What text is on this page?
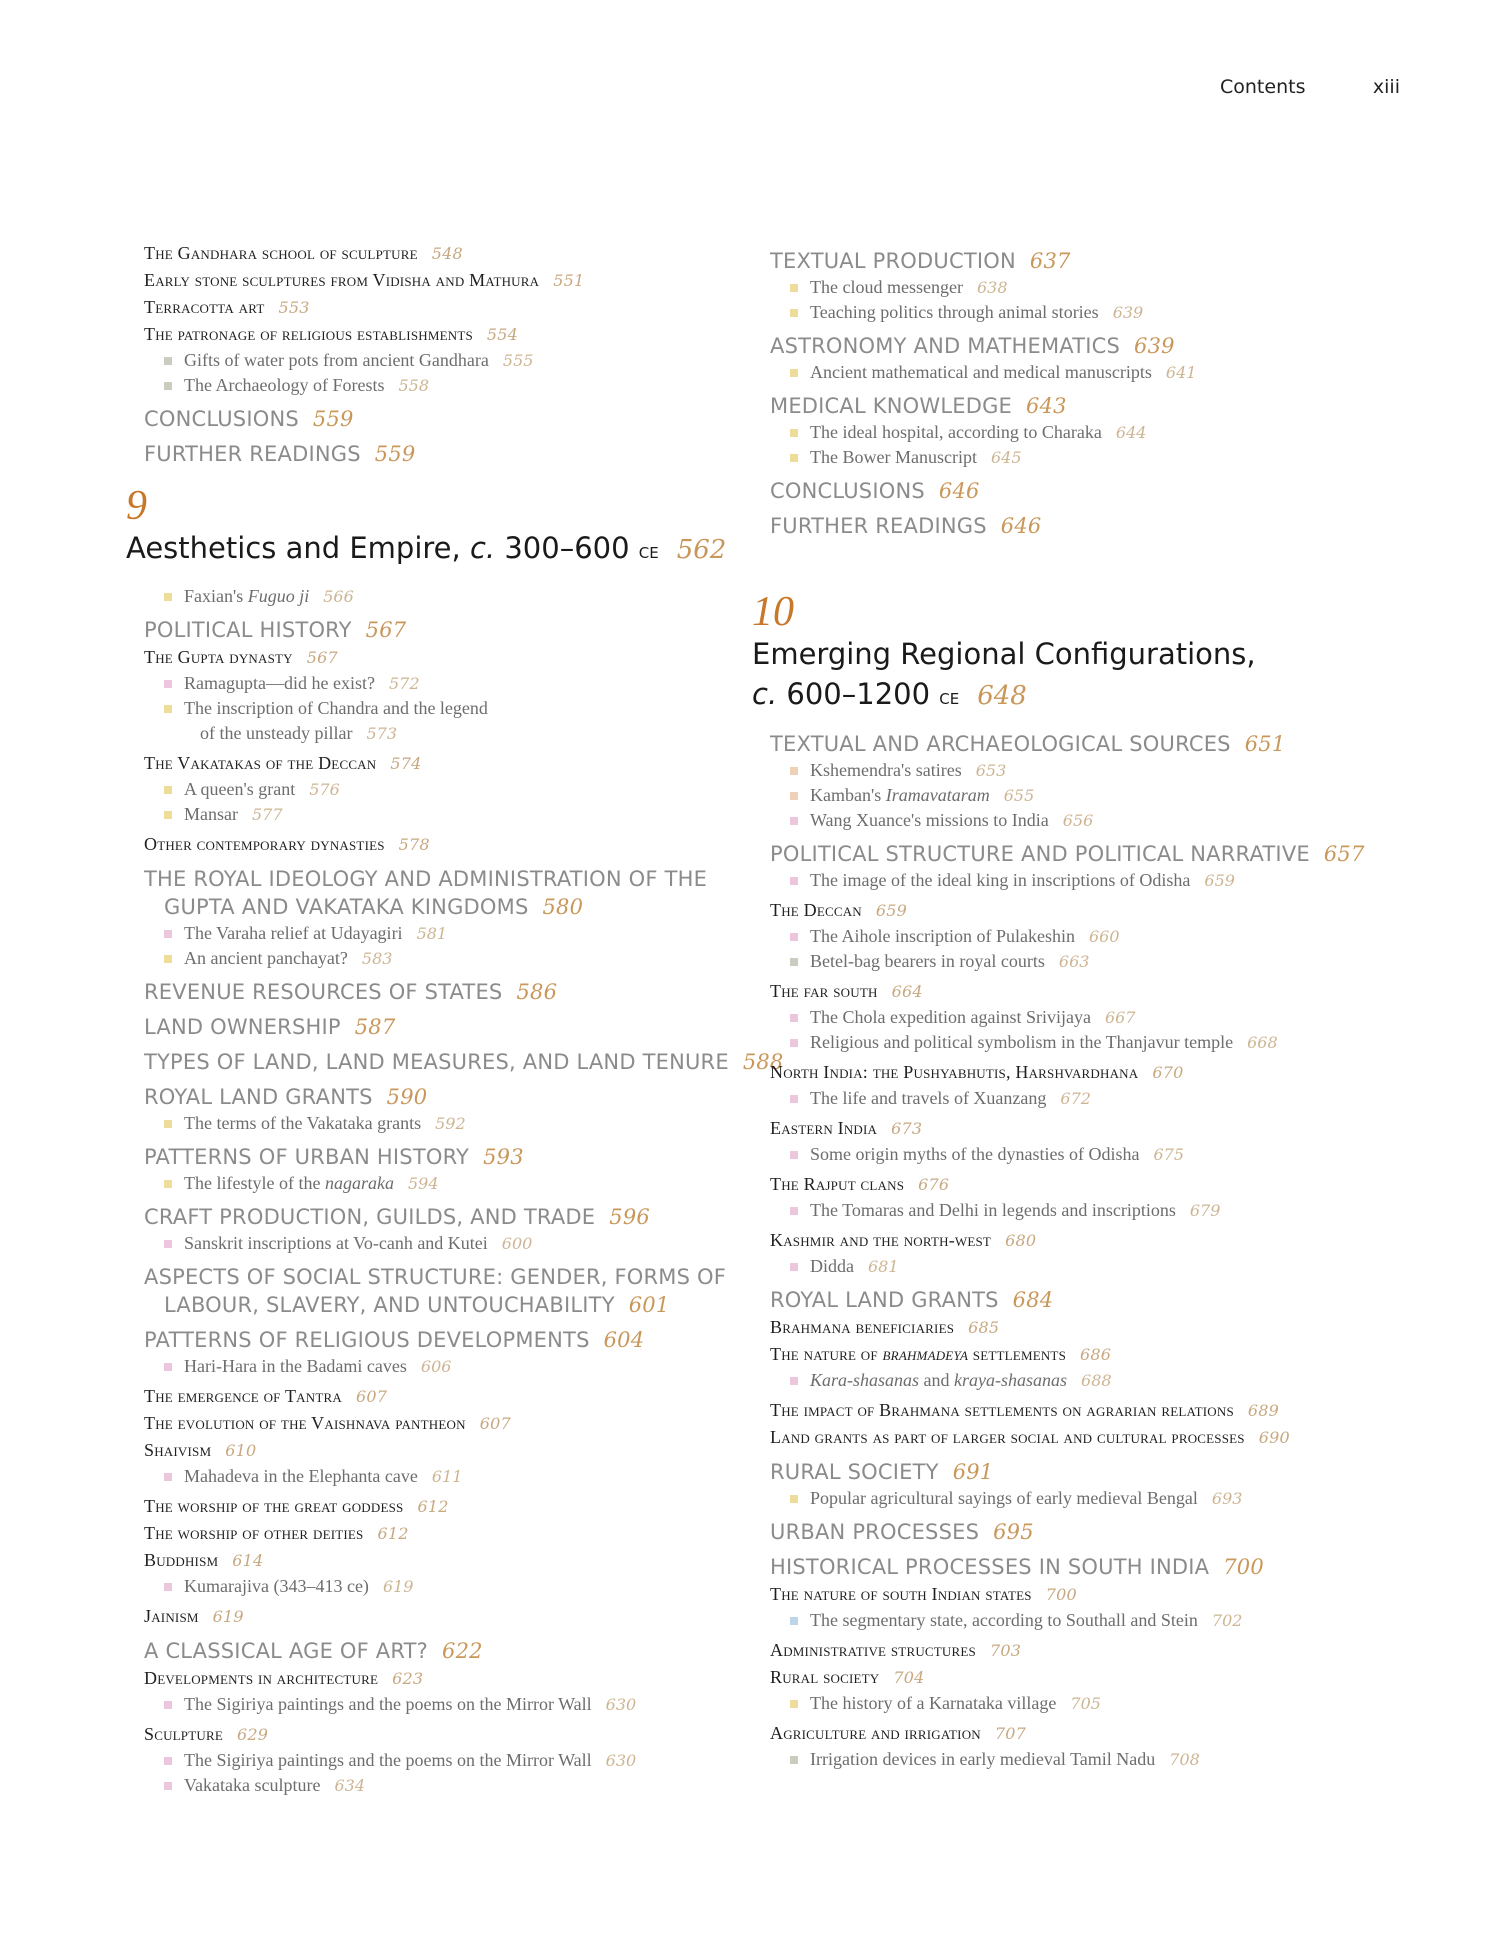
Contents	xiii
The Gandhara school of sculpture 548
Early stone sculptures from Vidisha and Mathura 551
Terracotta art 553
The patronage of religious establishments 554
Gifts of water pots from ancient Gandhara 555
The Archaeology of Forests 558
CONCLUSIONS 559
FURTHER READINGS 559
9
Aesthetics and Empire, c. 300–600 ce 562
Faxian's Fuguo ji 566
POLITICAL HISTORY 567
The Gupta dynasty 567
Ramagupta—did he exist? 572
The inscription of Chandra and the legend
of the unsteady pillar 573
The Vakatakas of the Deccan 574
A queen's grant 576
Mansar 577
Other contemporary dynasties 578
THE ROYAL IDEOLOGY AND ADMINISTRATION OF THE
GUPTA AND VAKATAKA KINGDOMS 580
The Varaha relief at Udayagiri 581
An ancient panchayat? 583
REVENUE RESOURCES OF STATES 586
LAND OWNERSHIP 587
TYPES OF LAND, LAND MEASURES, AND LAND TENURE 588
ROYAL LAND GRANTS 590
The terms of the Vakataka grants 592
PATTERNS OF URBAN HISTORY 593
The lifestyle of the nagaraka 594
CRAFT PRODUCTION, GUILDS, AND TRADE 596
Sanskrit inscriptions at Vo-canh and Kutei 600
ASPECTS OF SOCIAL STRUCTURE: GENDER, FORMS OF
LABOUR, SLAVERY, AND UNTOUCHABILITY 601
PATTERNS OF RELIGIOUS DEVELOPMENTS 604
Hari-Hara in the Badami caves 606
The emergence of Tantra 607
The evolution of the Vaishnava pantheon 607
Shaivism 610
Mahadeva in the Elephanta cave 611
The worship of the great goddess 612
The worship of other deities 612
Buddhism 614
Kumarajiva (343–413 ce) 619
Jainism 619
A CLASSICAL AGE OF ART? 622
Developments in architecture 623
The Sigiriya paintings and the poems on the Mirror Wall 630
Sculpture 629
The Sigiriya paintings and the poems on the Mirror Wall 630
Vakataka sculpture 634
TEXTUAL PRODUCTION 637
The cloud messenger 638
Teaching politics through animal stories 639
ASTRONOMY AND MATHEMATICS 639
Ancient mathematical and medical manuscripts 641
MEDICAL KNOWLEDGE 643
The ideal hospital, according to Charaka 644
The Bower Manuscript 645
CONCLUSIONS 646
FURTHER READINGS 646
10
Emerging Regional Configurations,
c. 600–1200 ce 648
TEXTUAL AND ARCHAEOLOGICAL SOURCES 651
Kshemendra's satires 653
Kamban's Iramavataram 655
Wang Xuance's missions to India 656
POLITICAL STRUCTURE AND POLITICAL NARRATIVE 657
The image of the ideal king in inscriptions of Odisha 659
The Deccan 659
The Aihole inscription of Pulakeshin 660
Betel-bag bearers in royal courts 663
The far south 664
The Chola expedition against Srivijaya 667
Religious and political symbolism in the Thanjavur temple 668
North India: the Pushyabhutis, Harshvardhana 670
The life and travels of Xuanzang 672
Eastern India 673
Some origin myths of the dynasties of Odisha 675
The Rajput clans 676
The Tomaras and Delhi in legends and inscriptions 679
Kashmir and the north-west 680
Didda 681
ROYAL LAND GRANTS 684
Brahmana beneficiaries 685
The nature of brahmadeya settlements 686
Kara-shasanas and kraya-shasanas 688
The impact of Brahmana settlements on agrarian relations 689
Land grants as part of larger social and cultural processes 690
RURAL SOCIETY 691
Popular agricultural sayings of early medieval Bengal 693
URBAN PROCESSES 695
HISTORICAL PROCESSES IN SOUTH INDIA 700
The nature of south Indian states 700
The segmentary state, according to Southall and Stein 702
Administrative structures 703
Rural society 704
The history of a Karnataka village 705
Agriculture and irrigation 707
Irrigation devices in early medieval Tamil Nadu 708
